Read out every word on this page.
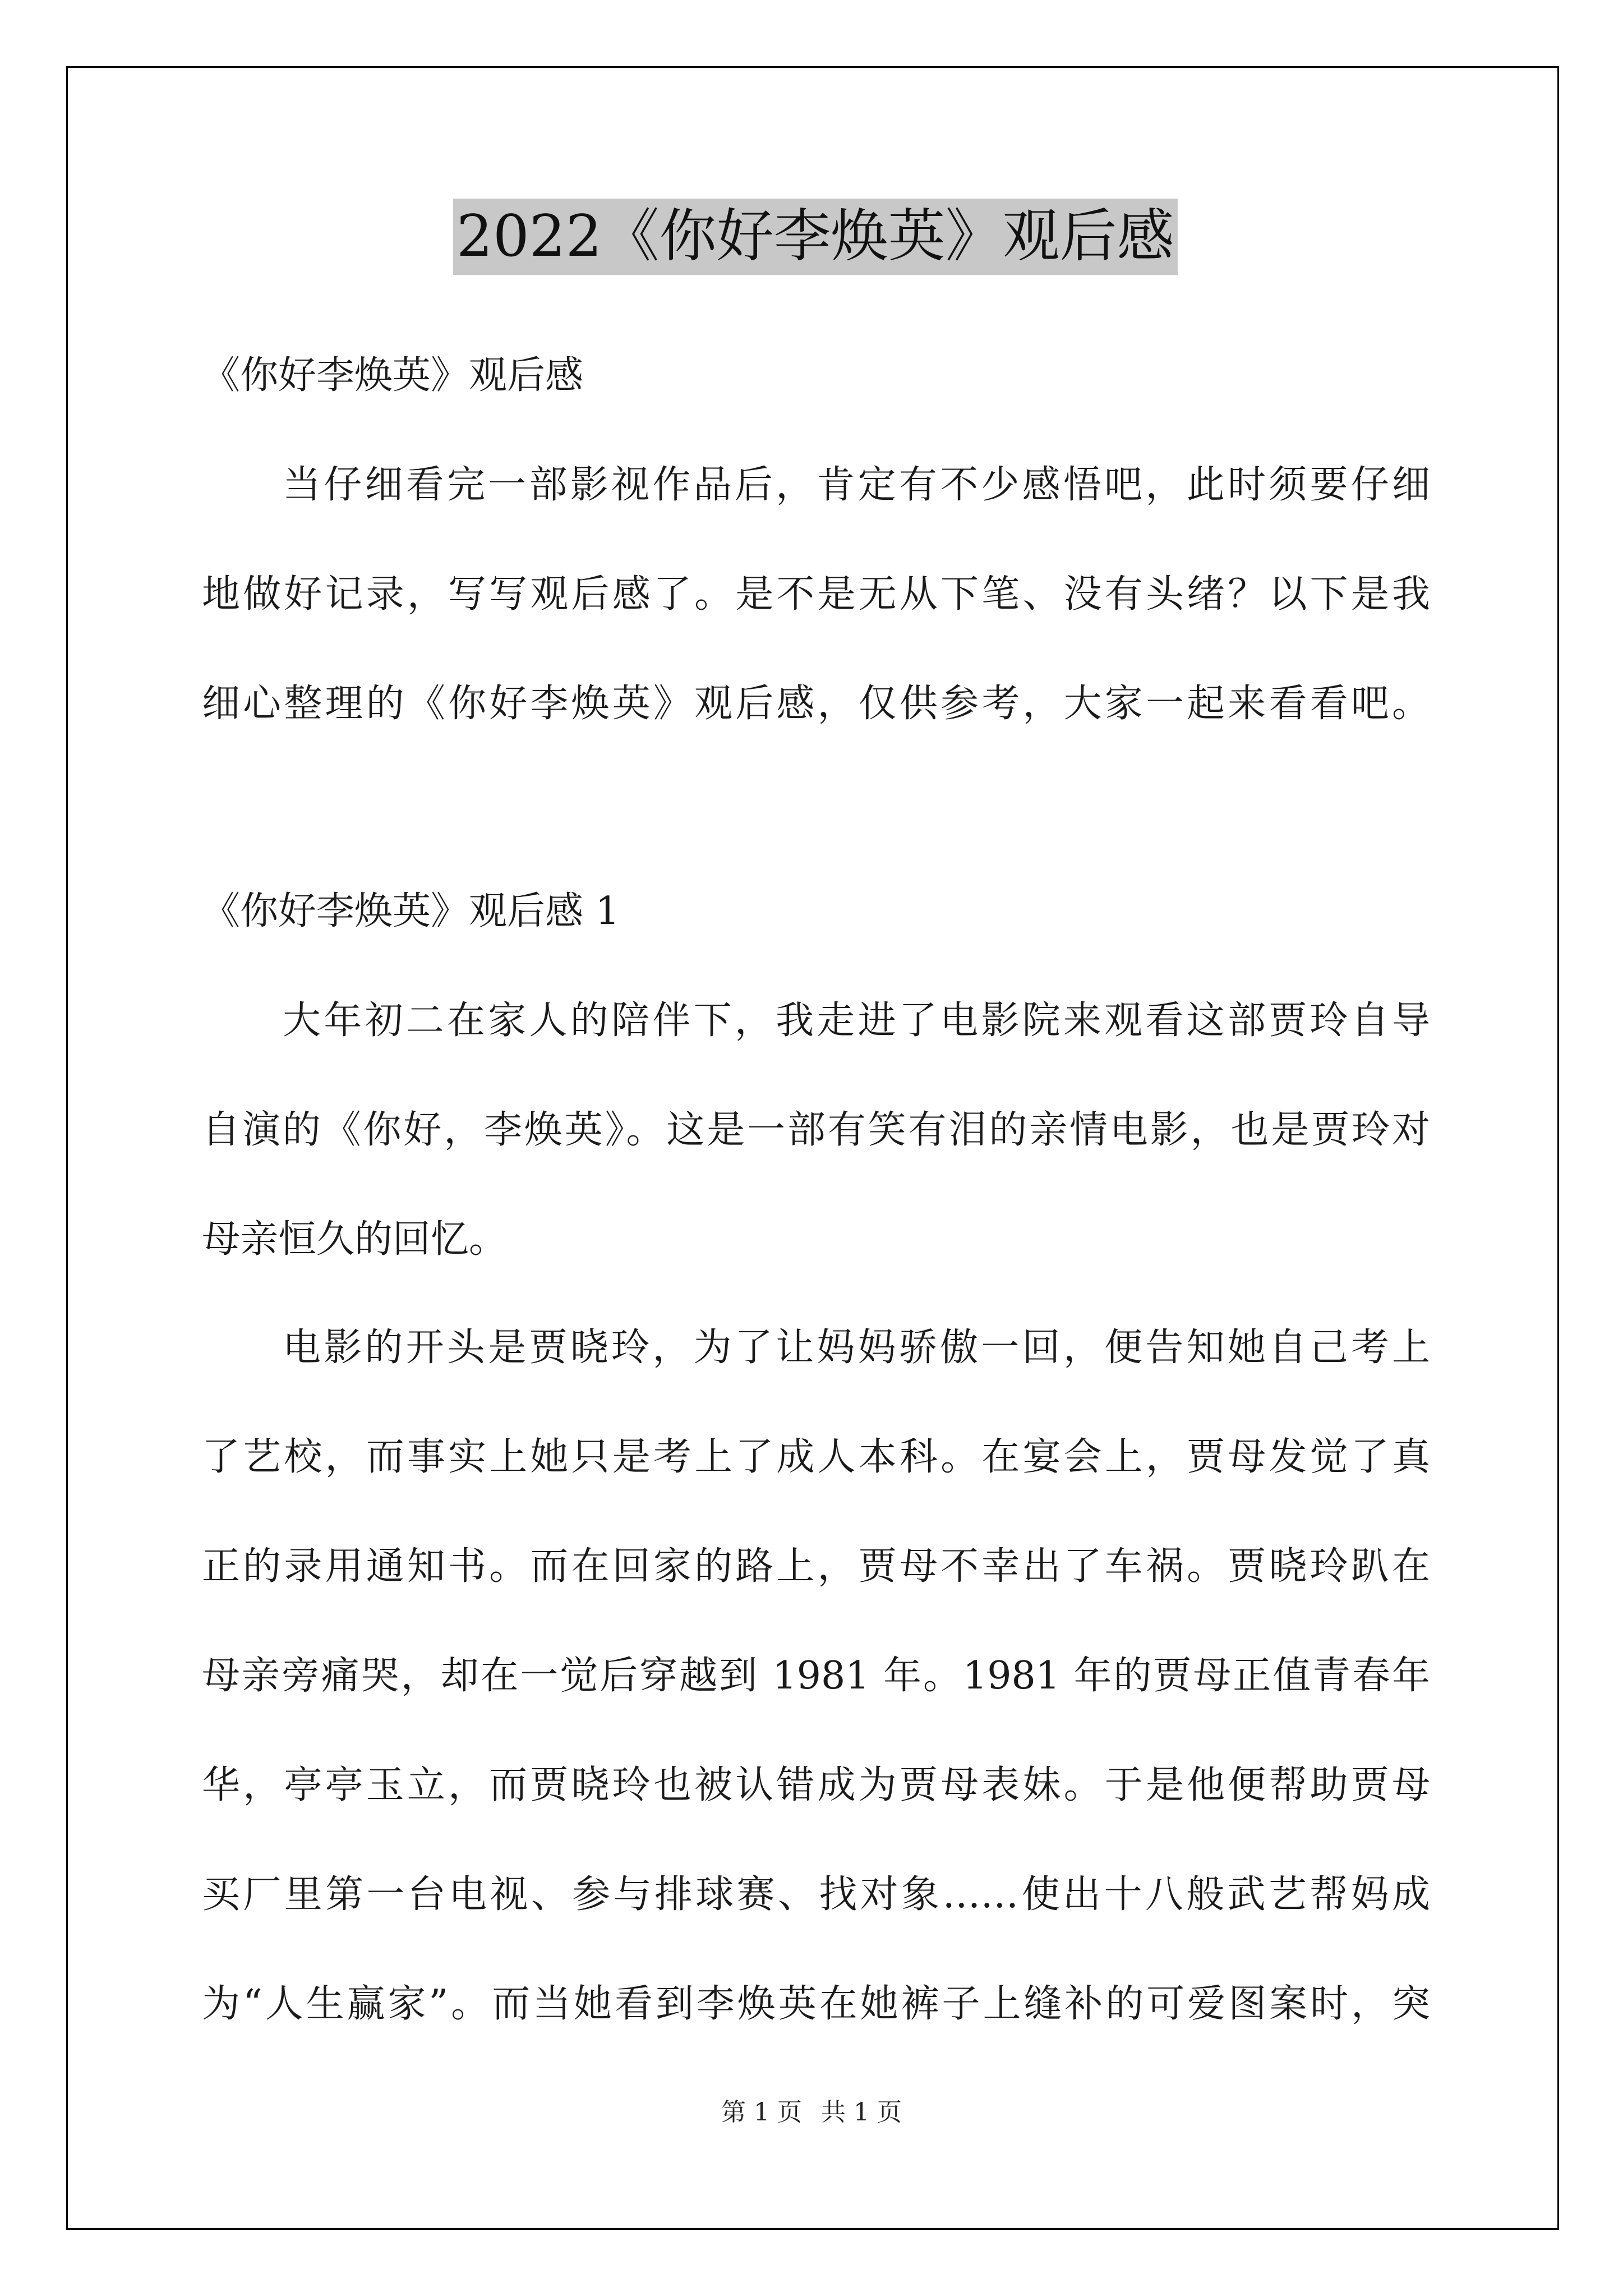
2022《你好李焕英》观后感
《你好李焕英》观后感
当仔细看完一部影视作品后，肯定有不少感悟吧，此时须要仔细
地做好记录，写写观后感了。是不是无从下笔、没有头绪？以下是我
细心整理的《你好李焕英》观后感，仅供参考，大家一起来看看吧。
《你好李焕英》观后感 1
大年初二在家人的陪伴下，我走进了电影院来观看这部贾玲自导
自演的《你好，李焕英》。这是一部有笑有泪的亲情电影，也是贾玲对
母亲恒久的回忆。
电影的开头是贾晓玲，为了让妈妈骄傲一回，便告知她自己考上
了艺校，而事实上她只是考上了成人本科。在宴会上，贾母发觉了真
正的录用通知书。而在回家的路上，贾母不幸出了车祸。贾晓玲趴在
母亲旁痛哭，却在一觉后穿越到 1981 年。1981 年的贾母正值青春年
华，亭亭玉立，而贾晓玲也被认错成为贾母表妹。于是他便帮助贾母
买厂里第一台电视、参与排球赛、找对象……使出十八般武艺帮妈成
为“人生赢家”。而当她看到李焕英在她裤子上缝补的可爱图案时，突
第 1 页 共 1 页
